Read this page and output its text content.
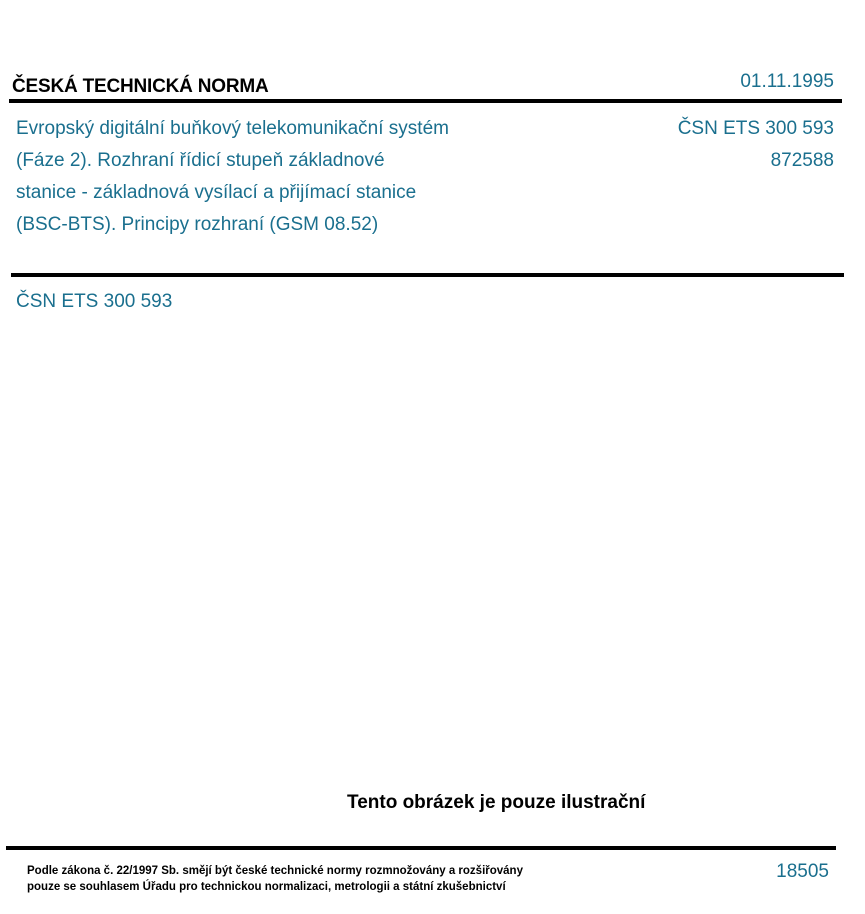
ČESKÁ TECHNICKÁ NORMA	01.11.1995
Evropský digitální buňkový telekomunikační systém
(Fáze 2). Rozhraní řídicí stupeň základnové
stanice - základnová vysílací a přijímací stanice
(BSC-BTS). Principy rozhraní (GSM 08.52)
ČSN ETS 300 593
872588
ČSN ETS 300 593
Tento obrázek je pouze ilustrační
Podle zákona č. 22/1997 Sb. smějí být české technické normy rozmnožovány a rozšiřovány
pouze se souhlasem Úřadu pro technickou normalizaci, metrologii a státní zkušebnictví
18505
